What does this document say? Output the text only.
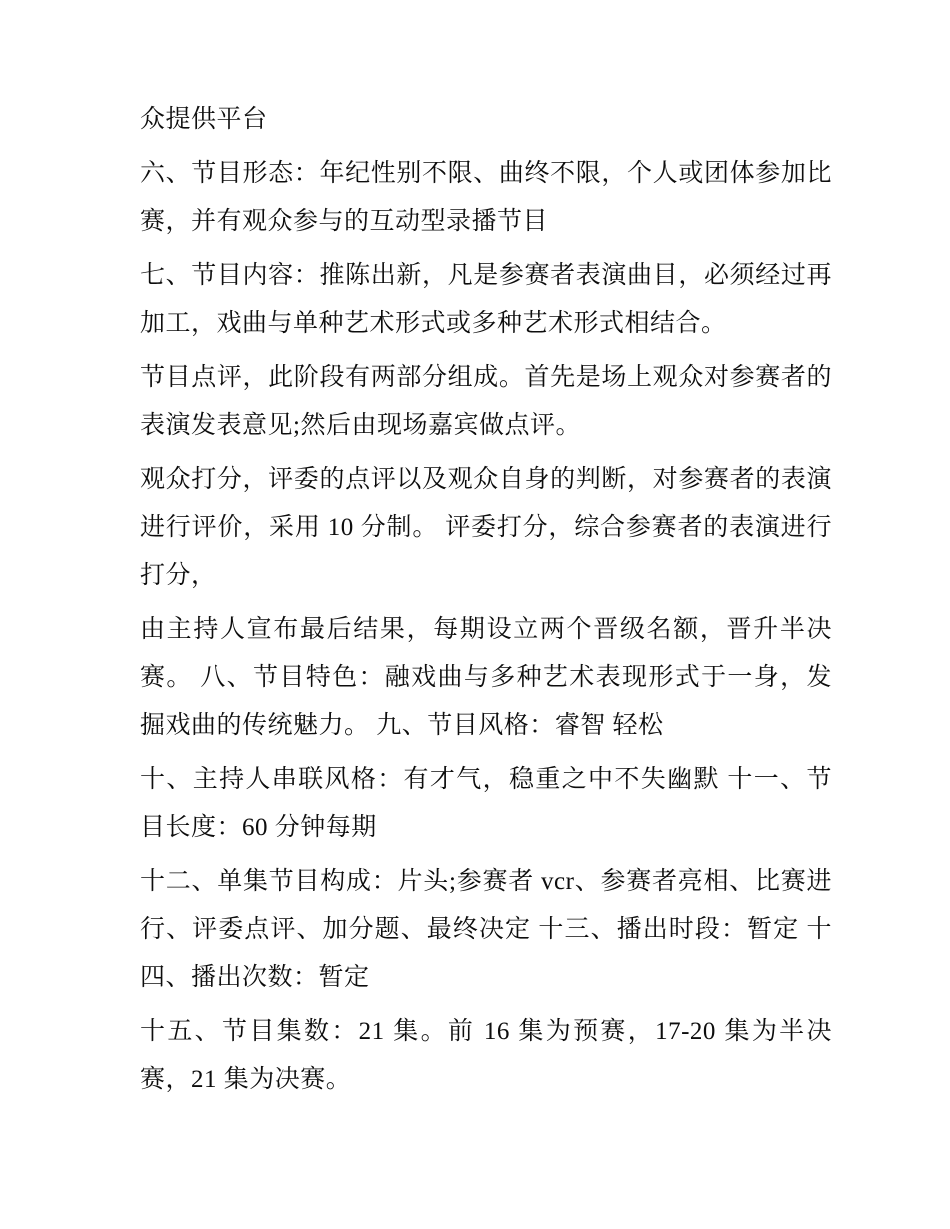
众提供平台

六、节目形态：年纪性别不限、曲终不限，个人或团体参加比赛，并有观众参与的互动型录播节目

七、节目内容：推陈出新，凡是参赛者表演曲目，必须经过再加工，戏曲与单种艺术形式或多种艺术形式相结合。

节目点评，此阶段有两部分组成。首先是场上观众对参赛者的表演发表意见;然后由现场嘉宾做点评。

观众打分，评委的点评以及观众自身的判断，对参赛者的表演进行评价，采用 10 分制。 评委打分，综合参赛者的表演进行打分，

由主持人宣布最后结果，每期设立两个晋级名额，晋升半决赛。 八、节目特色：融戏曲与多种艺术表现形式于一身，发掘戏曲的传统魅力。 九、节目风格：睿智 轻松

十、主持人串联风格：有才气，稳重之中不失幽默 十一、节目长度：60 分钟每期

十二、单集节目构成：片头;参赛者 vcr、参赛者亮相、比赛进行、评委点评、加分题、最终决定 十三、播出时段：暂定 十四、播出次数：暂定

十五、节目集数：21 集。前 16 集为预赛，17-20 集为半决赛，21 集为决赛。
